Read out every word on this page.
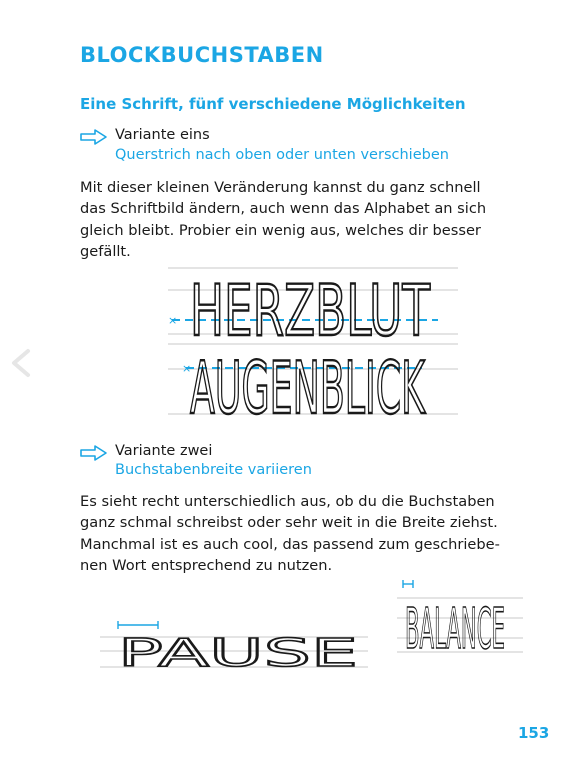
BLOCKBUCHSTABEN
Eine Schrift, fünf verschiedene Möglichkeiten
Variante eins
Querstrich nach oben oder unten verschieben

Mit dieser kleinen Veränderung kannst du ganz schnell

das Schriftbild ändern, auch wenn das Alphabet an sich

gleich bleibt. Probier ein wenig aus, welches dir besser

gefällt.

×
×
HERZBLUT
AUGENBLICK
Variante zwei
Buchstabenbreite variieren

Es sieht recht unterschiedlich aus, ob du die Buchstaben

ganz schmal schreibst oder sehr weit in die Breite ziehst.

Manchmal ist es auch cool, das passend zum geschriebe-

nen Wort entsprechend zu nutzen.

PAUSE BALANCE
153
